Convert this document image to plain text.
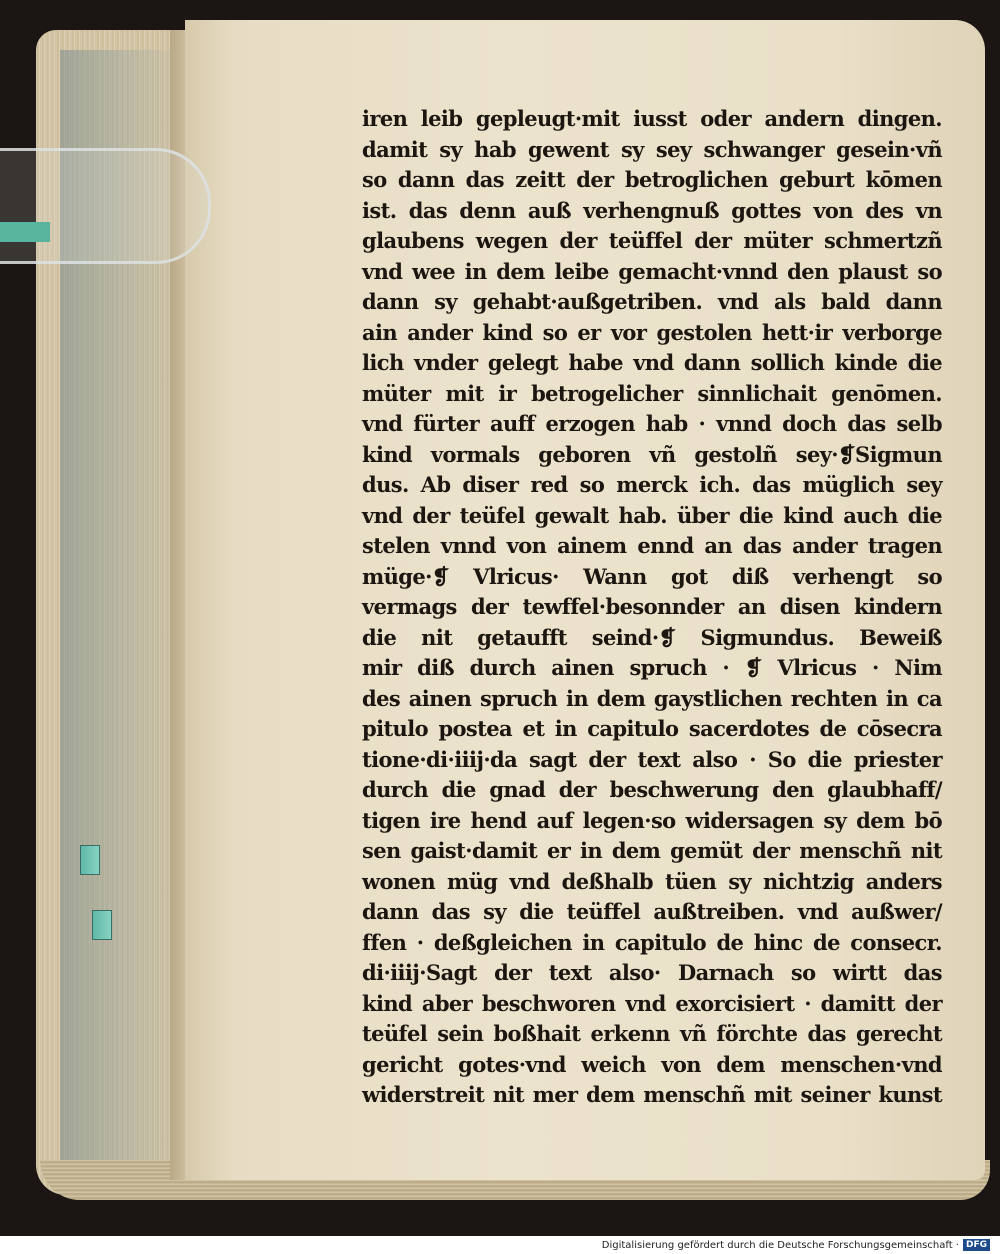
iren leib gepleugt·mit iusst oder andern dingen.
damit sy hab gewent sy sey schwanger gesein·vñ
so dann das zeitt der betroglichen geburt kōmen
ist. das denn auß verhengnuß gottes von des vn
glaubens wegen der teüffel der müter schmertzñ
vnd wee in dem leibe gemacht·vnnd den plaust so
dann sy gehabt·außgetriben. vnd als bald dann
ain ander kind so er vor gestolen hett·ir verborge
lich vnder gelegt habe vnd dann sollich kinde die
müter mit ir betrogelicher sinnlichait genōmen.
vnd fürter auff erzogen hab · vnnd doch das selb
kind vormals geboren vñ gestolñ sey·❡Sigmun
dus. Ab diser red so merck ich. das müglich sey
vnd der teüfel gewalt hab. über die kind auch die
stelen vnnd von ainem ennd an das ander tragen
müge·❡ Vlricus· Wann got diß verhengt so
vermags der tewffel·besonnder an disen kindern
die nit getaufft seind·❡ Sigmundus. Beweiß
mir diß durch ainen spruch · ❡ Vlricus · Nim
des ainen spruch in dem gaystlichen rechten in ca
pitulo postea et in capitulo sacerdotes de cōsecra
tione·di·iiij·da sagt der text also · So die priester
durch die gnad der beschwerung den glaubhaff/
tigen ire hend auf legen·so widersagen sy dem bō
sen gaist·damit er in dem gemüt der menschñ nit
wonen müg vnd deßhalb tüen sy nichtzig anders
dann das sy die teüffel außtreiben. vnd außwer/
ffen · deßgleichen in capitulo de hinc de consecr.
di·iiij·Sagt der text also· Darnach so wirtt das
kind aber beschworen vnd exorcisiert · damitt der
teüfel sein boßhait erkenn vñ förchte das gerecht
gericht gotes·vnd weich von dem menschen·vnd
widerstreit nit mer dem menschñ mit seiner kunst
Digitalisierung gefördert durch die Deutsche Forschungsgemeinschaft · DFG
